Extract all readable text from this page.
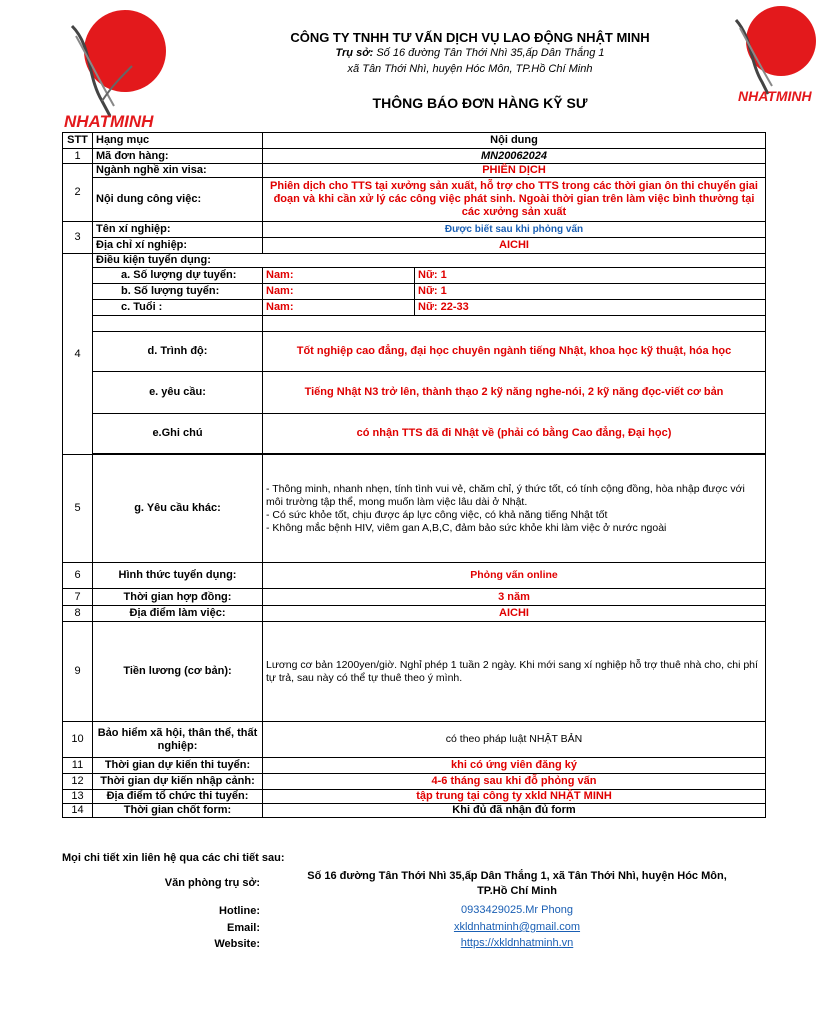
NHATMINH
NHATMINH
CÔNG TY TNHH TƯ VẤN DỊCH VỤ LAO ĐỘNG NHẬT MINH
Trụ sở: Số 16 đường Tân Thới Nhì 35,ấp Dân Thắng 1
xã Tân Thới Nhì, huyện Hóc Môn, TP.Hồ Chí Minh
THÔNG BÁO ĐƠN HÀNG KỸ SƯ
STT	Hạng mục	Nội dung	
1	Mã đơn hàng:	MN20062024	
2	Ngành nghề xin visa:	PHIÊN DỊCH	
	Nội dung công việc:	Phiên dịch cho TTS tại xưởng sản xuất, hỗ trợ cho TTS trong các thời gian ôn thi chuyển giai đoạn và khi cần xử lý các công việc phát sinh. Ngoài thời gian trên làm việc bình thường tại các xưởng sản xuất	
3	Tên xí nghiệp:	Được biết sau khi phỏng vấn	
	Địa chỉ xí nghiệp:	AICHI	
4	Điều kiện tuyển dụng:		
	a. Số lượng dự tuyển:	Nam:	Nữ: 1
	b. Số lượng tuyển:	Nam:	Nữ: 1
	c. Tuổi :	Nam:	Nữ: 22-33

	d. Trình độ:	Tốt nghiệp cao đẳng, đại học chuyên ngành tiếng Nhật, khoa học kỹ thuật, hóa học	
	e. yêu cầu:	Tiếng Nhật N3 trở lên, thành thạo 2 kỹ năng nghe-nói, 2 kỹ năng đọc-viết cơ bản	
	e.Ghi chú	có nhận TTS đã đi Nhật về (phải có bằng Cao đẳng, Đại học)	

5	g. Yêu cầu khác:	- Thông minh, nhanh nhẹn, tính tình vui vẻ, chăm chỉ, ý thức tốt, có tính cộng đồng, hòa nhập được với môi trường tập thể, mong muốn làm việc lâu dài ở Nhật.
- Có sức khỏe tốt, chịu được áp lực công việc, có khả năng tiếng Nhật tốt
- Không mắc bệnh HIV, viêm gan A,B,C, đảm bảo sức khỏe khi làm việc ở nước ngoài	

6	Hình thức tuyển dụng:	Phỏng vấn online	
7	Thời gian hợp đồng:	3 năm	
8	Địa điểm làm việc:	AICHI	
9	Tiền lương (cơ bản):	Lương cơ bản 1200yen/giờ. Nghỉ phép 1 tuần 2 ngày. Khi mới sang xí nghiệp hỗ trợ thuê nhà cho, chi phí tự trả, sau này có thể tự thuê theo ý mình.	
10	Bảo hiểm xã hội, thân thể, thất nghiệp:	có theo pháp luật NHẬT BẢN	
11	Thời gian dự kiến thi tuyển:	khi có ứng viên đăng ký	
12	Thời gian dự kiến nhập cảnh:	4-6 tháng sau khi đỗ phỏng vấn	
13	Địa điểm tổ chức thi tuyển:	tập trung tại công ty xkld NHẬT MINH	
14	Thời gian chốt form:	Khi đủ đã nhận đủ form	
Mọi chi tiết xin liên hệ qua các chi tiết sau:
Văn phòng trụ sở:
Số 16 đường Tân Thới Nhì 35,ấp Dân Thắng 1, xã Tân Thới Nhì, huyện Hóc Môn,
TP.Hồ Chí Minh
Hotline:	0933429025.Mr Phong
Email:	xkldnhatminh@gmail.com
Website:	https://xkldnhatminh.vn
